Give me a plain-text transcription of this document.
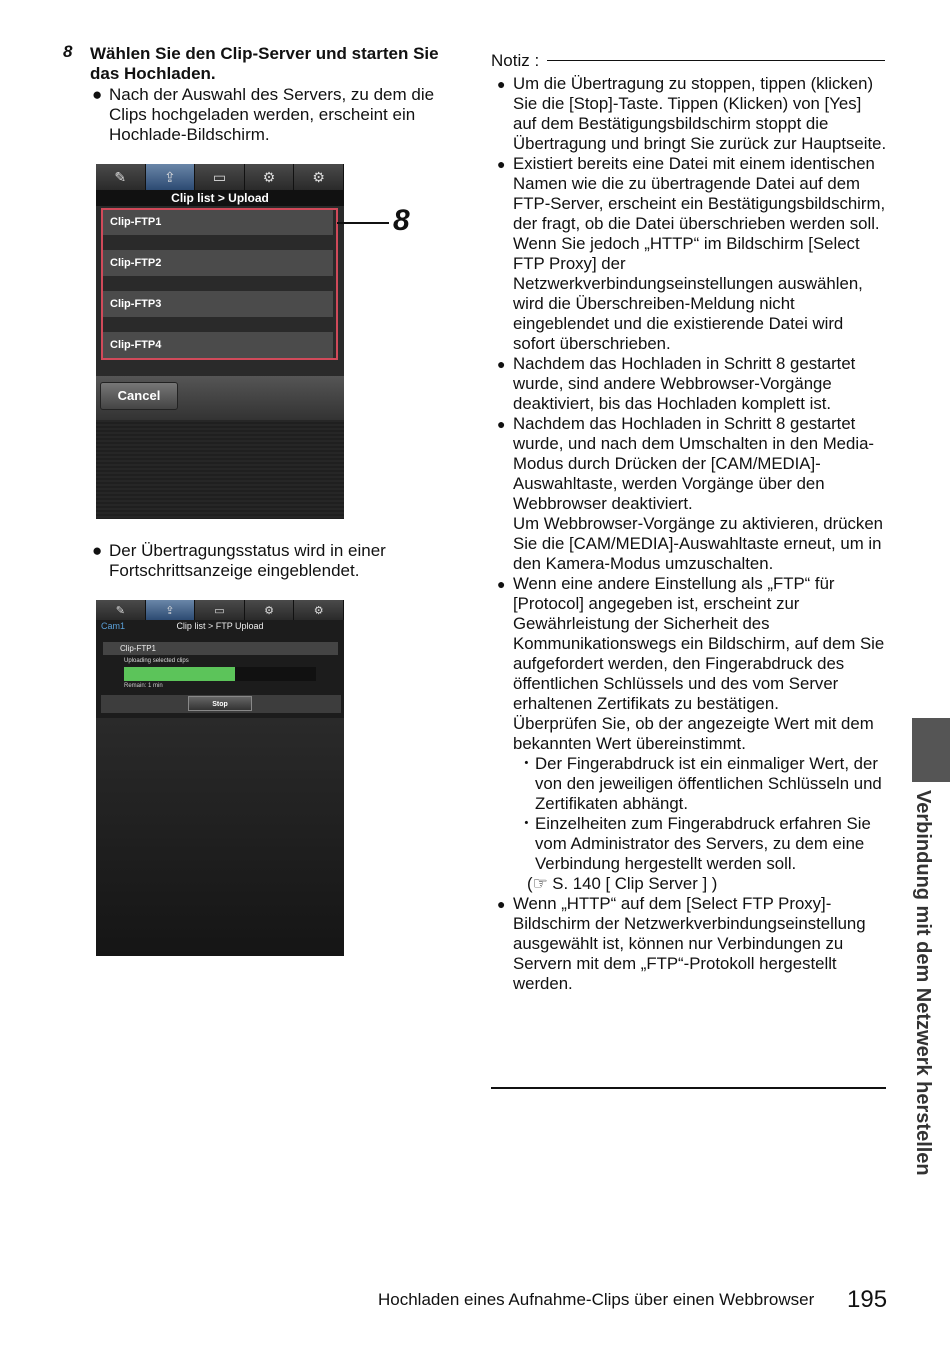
8 Wählen Sie den Clip-Server und starten Sie das Hochladen.
● Nach der Auswahl des Servers, zu dem die Clips hochgeladen werden, erscheint ein Hochlade-Bildschirm.
✎	⇪	▭	⚙	⚙
Clip list > Upload
Clip-FTP1
Clip-FTP2
Clip-FTP3
Clip-FTP4
Cancel
8
● Der Übertragungsstatus wird in einer Fortschrittsanzeige eingeblendet.
✎	⇪	▭	⚙	⚙
Clip list > FTP Upload
Cam1
Clip-FTP1
Uploading selected clips
Remain: 1 min
Stop
Notiz :
● Um die Übertragung zu stoppen, tippen (klicken) Sie die [Stop]-Taste. Tippen (Klicken) von [Yes] auf dem Bestätigungsbildschirm stoppt die Übertragung und bringt Sie zurück zur Hauptseite.
● Existiert bereits eine Datei mit einem identischen Namen wie die zu übertragende Datei auf dem FTP-Server, erscheint ein Bestätigungsbildschirm, der fragt, ob die Datei überschrieben werden soll.
Wenn Sie jedoch „HTTP“ im Bildschirm [Select FTP Proxy] der Netzwerkverbindungseinstellungen auswählen, wird die Überschreiben-Meldung nicht eingeblendet und die existierende Datei wird sofort überschrieben.
● Nachdem das Hochladen in Schritt 8 gestartet wurde, sind andere Webbrowser-Vorgänge deaktiviert, bis das Hochladen komplett ist.
● Nachdem das Hochladen in Schritt 8 gestartet wurde, und nach dem Umschalten in den Media-Modus durch Drücken der [CAM/MEDIA]-Auswahltaste, werden Vorgänge über den Webbrowser deaktiviert.
Um Webbrowser-Vorgänge zu aktivieren, drücken Sie die [CAM/MEDIA]-Auswahltaste erneut, um in den Kamera-Modus umzuschalten.
● Wenn eine andere Einstellung als „FTP“ für [Protocol] angegeben ist, erscheint zur Gewährleistung der Sicherheit des Kommunikationswegs ein Bildschirm, auf dem Sie aufgefordert werden, den Fingerabdruck des öffentlichen Schlüssels und des vom Server erhaltenen Zertifikats zu bestätigen.
Überprüfen Sie, ob der angezeigte Wert mit dem bekannten Wert übereinstimmt.
・ Der Fingerabdruck ist ein einmaliger Wert, der von den jeweiligen öffentlichen Schlüsseln und Zertifikaten abhängt.
・ Einzelheiten zum Fingerabdruck erfahren Sie vom Administrator des Servers, zu dem eine Verbindung hergestellt werden soll.
(☞ S. 140 [ Clip Server ] )
● Wenn „HTTP“ auf dem [Select FTP Proxy]-Bildschirm der Netzwerkverbindungseinstellung ausgewählt ist, können nur Verbindungen zu Servern mit dem „FTP“-Protokoll hergestellt werden.	Verbindung mit dem Netzwerk herstellen
Hochladen eines Aufnahme-Clips über einen Webbrowser 195
